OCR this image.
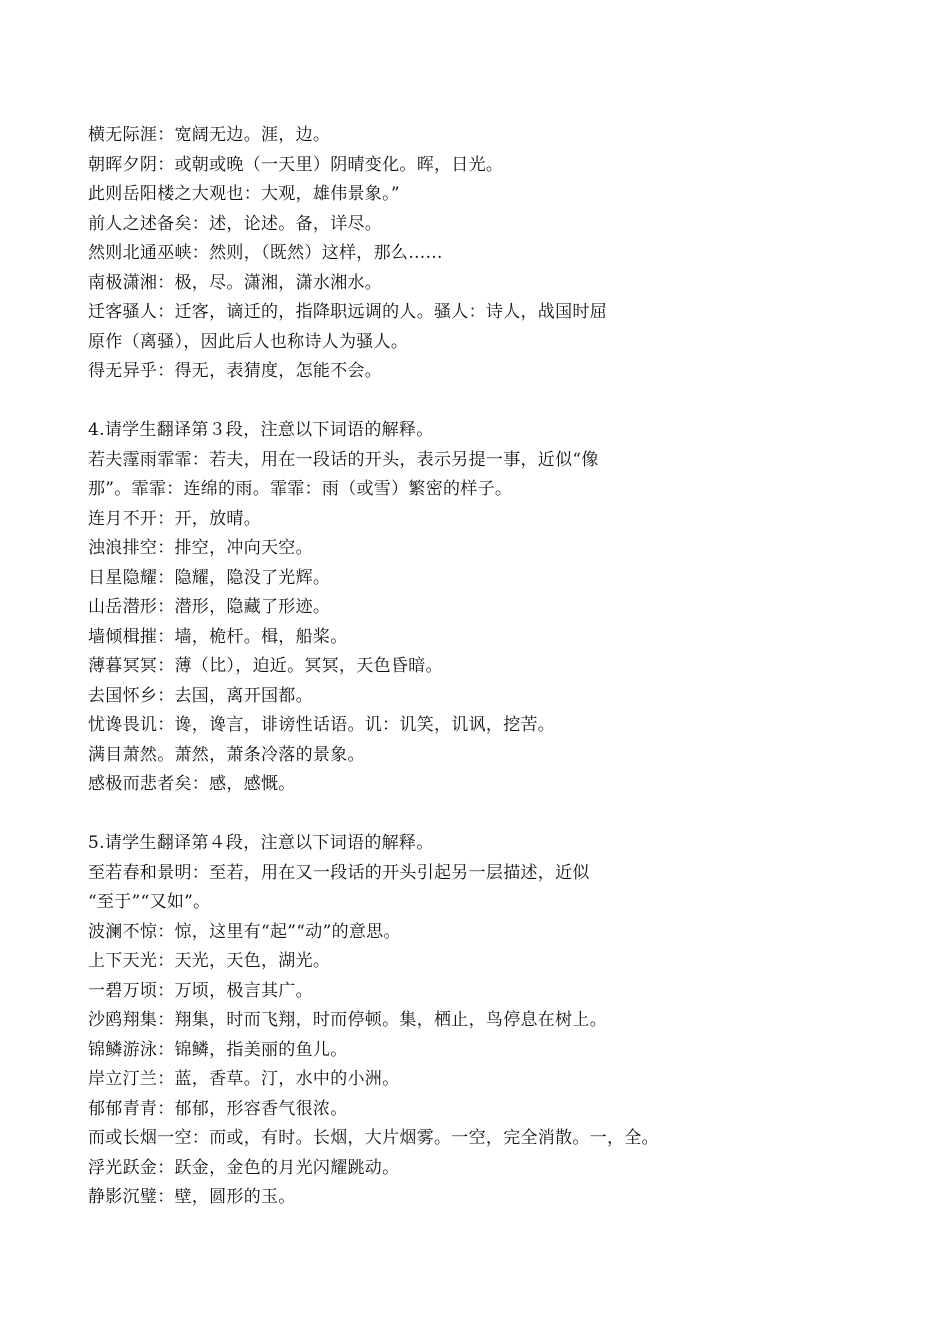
横无际涯：宽阔无边。涯，边。
朝晖夕阴：或朝或晚（一天里）阴晴变化。晖，日光。
此则岳阳楼之大观也：大观，雄伟景象。”
前人之述备矣：述，论述。备，详尽。
然则北通巫峡：然则，（既然）这样，那么……
南极潇湘：极，尽。潇湘，潇水湘水。
迁客骚人：迁客，谪迁的，指降职远调的人。骚人：诗人，战国时屈
原作（离骚），因此后人也称诗人为骚人。
得无异乎：得无，表猜度，怎能不会。
4.请学生翻译第３段，注意以下词语的解释。
若夫霪雨霏霏：若夫，用在一段话的开头，表示另提一事，近似“像
那”。霏霏：连绵的雨。霏霏：雨（或雪）繁密的样子。
连月不开：开，放晴。
浊浪排空：排空，冲向天空。
日星隐耀：隐耀，隐没了光辉。
山岳潜形：潜形，隐藏了形迹。
墙倾楫摧：墙，桅杆。楫，船桨。
薄暮冥冥：薄（比），迫近。冥冥，天色昏暗。
去国怀乡：去国，离开国都。
忧谗畏讥：谗，谗言，诽谤性话语。讥：讥笑，讥讽，挖苦。
满目萧然。萧然，萧条冷落的景象。
感极而悲者矣：感，感慨。
5.请学生翻译第４段，注意以下词语的解释。
至若春和景明：至若，用在又一段话的开头引起另一层描述，近似
“至于”“又如”。
波澜不惊：惊，这里有“起”“动”的意思。
上下天光：天光，天色，湖光。
一碧万顷：万顷，极言其广。
沙鸥翔集：翔集，时而飞翔，时而停顿。集，栖止，鸟停息在树上。
锦鳞游泳：锦鳞，指美丽的鱼儿。
岸立汀兰：蓝，香草。汀，水中的小洲。
郁郁青青：郁郁，形容香气很浓。
而或长烟一空：而或，有时。长烟，大片烟雾。一空，完全消散。一，全。
浮光跃金：跃金，金色的月光闪耀跳动。
静影沉璧：壁，圆形的玉。
